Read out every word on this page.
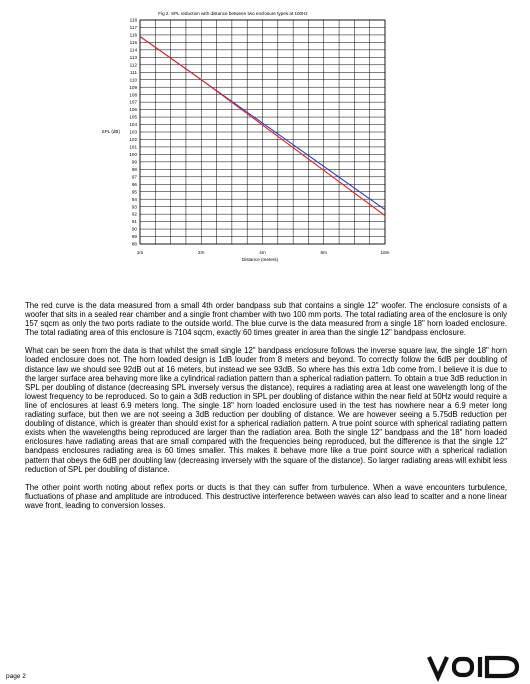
Fig 2. SPL reduction with distance between two enclosure types at 100Hz
88
89
90
91
92
93
94
95
96
97
98
99
100
101
102
103
104
105
106
107
108
109
110
111
112
113
114
115
116
117
118
1m	2m	4m	8m	16m
SPL (dB)
Distance (meters)

The red curve is the data measured from a small 4th order bandpass sub that contains a single 12" woofer. The enclosure consists of a woofer that sits in a sealed rear chamber and a single front chamber with two 100 mm ports. The total radiating area of the enclosure is only 157 sqcm as only the two ports radiate to the outside world. The blue curve is the data measured from a single 18" horn loaded enclosure. The total radiating area of this enclosure is 7104 sqcm, exactly 60 times greater in area than the single 12" bandpass enclosure.

What can be seen from the data is that whilst the small single 12" bandpass enclosure follows the inverse square law, the single 18" horn loaded enclosure does not. The horn loaded design is 1dB louder from 8 meters and beyond. To correctly follow the 6dB per doubling of distance law we should see 92dB out at 16 meters, but instead we see 93dB. So where has this extra 1db come from. I believe it is due to the larger surface area behaving more like a cylindrical radiation pattern than a spherical radiation pattern. To obtain a true 3dB reduction in SPL per doubling of distance (decreasing SPL inversely versus the distance), requires a radiating area at least one wavelength long of the lowest frequency to be reproduced. So to gain a 3dB reduction in SPL per doubling of distance within the near field at 50Hz would require a line of enclosures at least 6.9 meters long. The single 18" horn loaded enclosure used in the test has nowhere near a 6.9 meter long radiating surface, but then we are not seeing a 3dB reduction per doubling of distance. We are however seeing a 5.75dB reduction per doubling of distance, which is greater than should exist for a spherical radiation pattern. A true point source with spherical radiating pattern exists when the wavelengths being reproduced are larger than the radiation area. Both the single 12" bandpass and the 18" horn loaded enclosures have radiating areas that are small compared with the frequencies being reproduced, but the difference is that the single 12" bandpass enclosures radiating area is 60 times smaller. This makes it behave more like a true point source with a spherical radiation pattern that obeys the 6dB per doubling law (decreasing inversely with the square of the distance). So larger radiating areas will exhibit less reduction of SPL per doubling of distance.

The other point worth noting about reflex ports or ducts is that they can suffer from turbulence. When a wave encounters turbulence, fluctuations of phase and amplitude are introduced. This destructive interference between waves can also lead to scatter and a none linear wave front, leading to conversion losses.

page 2
